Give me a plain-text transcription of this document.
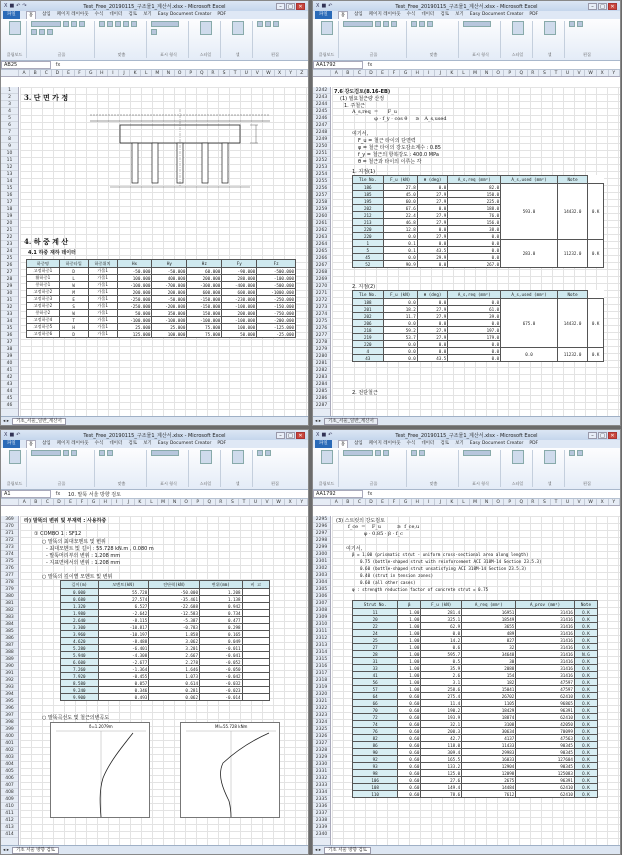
X ■ ↶ ↷	Test_Free_20190115_구조물1_계산서.xlsx - Microsoft Excel	–	□	✕
파일	홈	삽입 페이지 레이아웃 수식 데이터 검토 보기 Easy Document Creator PDF
클립보드	글꼴	맞춤	표시 형식	스타일	셀	편집
AB25	fx
A	B	C	D	E	F	G	H	I	J	K	L	M	N	O	P	Q	R	S	T	U	V	W	X	Y	Z
1
2
3
4
5
6
7
8
9
10
11
12
13
14
15
16
17
18
19
20
21
22
23
24
25
26
27
28
29
30
31
32
33
34
35
36
37
38
39
40
41
42
43
44
45
46
3. 단 면 가 정
4. 하 중 계 산
4.1 하중 재하 데이터
하중명	하중타입	하중위치	Hx	Hy	Hz	Fy	Fz
고정하중1	D	가물1	-50.000	-50.000	60.000	-90.000	-500.000
활하중1	L	가물1	100.000	400.000	200.000	280.000	-100.000
풍하중1	W	가물1	-100.000	-700.000	-300.000	-400.000	-500.000
고정하중2	M	가물1	200.000	200.000	600.000	600.000	-1000.000
고정하중3	E	가물1	-250.000	-50.000	-150.000	-230.000	-250.000
고정하중2	S	가물1	-250.000	-200.000	-150.000	-100.000	-150.000
풍하중2	W	가물1	50.000	350.000	150.000	200.000	-750.000
고정하중4	T	가물1	-100.000	-100.000	-100.000	-100.000	-200.000
고정하중5	H	가물1	25.000	25.000	75.000	100.000	-125.000
고정하중6	D	가물1	125.000	100.000	75.000	50.000	-25.000
◂ ▸	기초_서울_일반_계산서
X ■ ↶	Test_Free_20190115_구조물1_계산서.xlsx - Microsoft Excel	–	□	✕
파일	홈	삽입 페이지 레이아웃 수식 데이터 검토 보기 Easy Document Creator PDF
클립보드	글꼴	맞춤	표시 형식	스타일	셀	편집
AA1792	fx
A	B	C	D	E	F	G	H	I	J	K	L	M	N	O	P	Q	R	S	T	U	V	W	X	Y
2242
2243
2244
2245
2246
2247
2248
2249
2250
2251
2252
2253
2254
2255
2256
2257
2258
2259
2260
2261
2262
2263
2264
2265
2266
2267
2268
2269
2270
2271
2272
2273
2274
2275
2276
2277
2278
2279
2280
2281
2282
2283
2284
2285
2286
2287
7.6 강도검토(8.16-EB)
(1) 필요철근량 산정
1. 주철근
A_s,req  =      F_u
φ · f_y · cos θ     ≥   A_s,used
여기서,
F_u = 철근 타이의 단면력
φ = 철근 타이의 강도감소계수 : 0.85
f_y = 철근의 항복강도 : 400.0 MPa
θ = 철근과 타이의 이루는 각
1. 지점(1)
Tie No.	F_u (kN)	θ (deg)	A_s,req (mm²)	A_s,used (mm²)	Note	
186	27.8	0.0	82.0	593.0	14432.0	0.K
185	45.0	27.9	150.0			
195	60.0	27.9	225.0			
202	67.6	0.0	188.0			
212	22.4	27.9	76.0			
213	46.8	27.9	156.0			
220	12.8	0.0	38.0			
220	0.0	27.9	0.0			
1	0.1	0.0	0.0	283.0	11232.0	0.K
5	0.1	43.5	0.0			
45	0.0	29.9	0.0			
52	90.9	0.0	267.0			
2. 지점(2)
Tie No.	F_u (kN)	θ (deg)	A_s,req (mm²)	A_s,used (mm²)	Note	
188	0.0	0.0	0.0	675.0	14432.0	0.K
201	18.2	27.9	61.0			
202	11.7	27.9	39.0			
206	0.0	0.0	0.0			
218	59.2	27.9	197.0			
219	53.7	27.9	179.0			
220	0.0	0.0	0.0			
4	0.0	0.0	0.0	0.0	11232.0	0.K
43	0.0	43.5	0.0			
2. 전단철근
◂ ▸	기초_서울_일반_계산서
X ■ ↶	Test_Free_20190115_구조물1_계산서.xlsx - Microsoft Excel	–	□	✕
파일	홈	삽입 페이지 레이아웃 수식 데이터 검토 보기 Easy Document Creator PDF
클립보드	글꼴	맞춤	표시 형식	스타일	셀	편집
A1	fx	10. 말뚝 서울 방향 검토
A	B	C	D	E	F	G	H	I	J	K	L	M	N	O	P	Q	R	S	T	U	V	W	X	Y
369
370
371
372
373
374
375
376
377
378
379
380
381
382
383
384
385
386
387
388
389
390
391
392
393
394
395
396
397
398
399
400
401
402
403
404
405
406
407
408
409
410
411
412
413
414
라) 말뚝의 변위 및 부재력 : 사용하중
① COMBO 1 : SF12
○ 말뚝의 최대모멘트 및 변위
- 최대모멘트 및 길이 : 55.728 kN.m , 0.080 m
- 말뚝머리부의 변위 : 1.208 mm
- 지표면에서의 변위 : 1.208 mm
○ 말뚝의 깊이별 모멘트 및 변위
깊이(m)	모멘트(kN)	전단력(kN)	변위(mm)	비 고
0.000	55.728	-50.000	1.208	
0.680	27.574	-35.461	1.138	
1.320	6.527	-22.688	0.942	
1.980	-2.642	-12.583	0.734	
2.640	-8.115	-5.387	0.477	
3.300	-10.817	-0.783	0.298	
3.960	-10.197	1.858	0.165	
4.620	-8.488	3.062	0.049	
5.280	-6.401	3.201	-0.011	
5.940	-4.308	2.667	-0.041	
6.600	-2.677	2.278	-0.052	
7.260	-1.364	1.646	-0.050	
7.920	-0.455	1.073	-0.042	
8.580	0.057	0.614	-0.032	
9.240	0.346	0.281	-0.023	
9.900	0.493	0.062	-0.014	
○ 말뚝곡선도 및 철근의변곡도
δ=1.2079m	MI=55.728 kNm
◂ ▸	기초 서울 방향 검토
X ■ ↶	Test_Free_20190115_구조물1_계산서.xlsx - Microsoft Excel	–	□	✕
파일	홈	삽입 페이지 레이아웃 수식 데이터 검토 보기 Easy Document Creator PDF
클립보드	글꼴	맞춤	표시 형식	스타일	셀	편집
AA1792	fx
A	B	C	D	E	F	G	H	I	J	K	L	M	N	O	P	Q	R	S	T	U	V	W	X	Y
2295
2296
2297
2298
2299
2300
2301
2302
2303
2304
2305
2306
2307
2308
2309
2310
2311
2312
2313
2314
2315
2316
2317
2318
2319
2320
2321
2322
2323
2324
2325
2326
2327
2328
2329
2330
2331
2332
2333
2334
2335
2336
2337
2338
2339
2340
(3) 스트럿의 강도검토
f_ce  =    F_u          ≥  f_ce,u
φ · 0.85 · β · f_c
여기서,
β = 1.00 (prismatic strut - uniform cross-sectional area along length)
0.75 (bottle-shaped strut with reinforcement ACI 318M-14 Section 23.5.3)
0.60 (bottle-shaped strut unsatisfying ACI 318M-14 Section 23.5.3)
0.40 (strut in tension zones)
0.60 (all other cases)
φ : strength reduction factor of concrete strut = 0.75
Strut No.	β	F_u (kN)	A_req (mm²)	A_prov (mm²)	Note
11	1.00	281.4	16951	31416	O.K
20	1.00	325.1	18549	31416	O.K
22	1.00	62.9	3655	31416	O.K
24	1.00	0.0	489	31416	O.K
25	1.00	14.2	827	31416	O.K
27	1.00	0.6	32	31416	O.K
28	1.00	595.7	34648	31416	N.G
31	1.00	0.5	30	31416	O.K
33	1.00	35.9	2088	31416	O.K
41	1.00	2.6	154	31416	O.K
56	1.00	3.1	182	47597	O.K
57	1.00	258.6	15041	47597	O.K
64	0.60	275.4	26702	62410	O.K
66	0.60	11.4	1105	96865	O.K
70	0.60	190.2	18429	96391	O.K
72	0.60	193.9	18874	62410	O.K
74	0.60	32.1	3108	42050	O.K
76	0.60	200.3	30634	70099	O.K
82	0.60	42.7	4137	47563	O.K
86	0.60	118.0	11433	90345	O.K
90	0.60	309.4	29983	90345	O.K
92	0.60	165.5	16033	127604	O.K
93	0.60	133.2	12904	90345	O.K
98	0.60	125.0	12098	125083	O.K
106	0.60	27.6	2675	96391	O.K
108	0.60	149.4	14484	62410	O.K
110	0.60	78.6	7612	62410	O.K
◂ ▸	기초 서울 방향 검토
